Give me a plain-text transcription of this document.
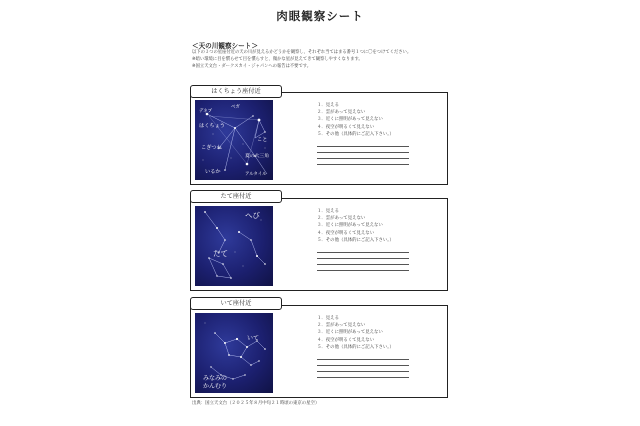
肉眼観察シート
＜天の川観察シート＞
以下の３つの星座付近の天の川が見えるかどうかを観察し、それぞれ当てはまる番号１つに〇をつけてください。
※暗い環境に目を慣らせて目を慣らすと、微かな星が見えてきて観察しやすくなります。
※国立天文台・ダークスカイ・ジャパンへの報告は不要です。
はくちょう座付近
ベガ
デネブ
はくちょう
こと
こぎつね
夏の大三角
いるか	アルタイル
１．見える
２．雲があって見えない
３．近くに照明があって見えない
４．夜空が明るくて見えない
５．その他（具体的にご記入下さい。）
たて座付近
へび
たて
１．見える
２．雲があって見えない
３．近くに照明があって見えない
４．夜空が明るくて見えない
５．その他（具体的にご記入下さい。）
いて座付近
いて
みなみの
かんむり
１．見える
２．雲があって見えない
３．近くに照明があって見えない
４．夜空が明るくて見えない
５．その他（具体的にご記入下さい。）
出典：国立天文台（２０２５年８月中旬２１時頃の東京の星空）
